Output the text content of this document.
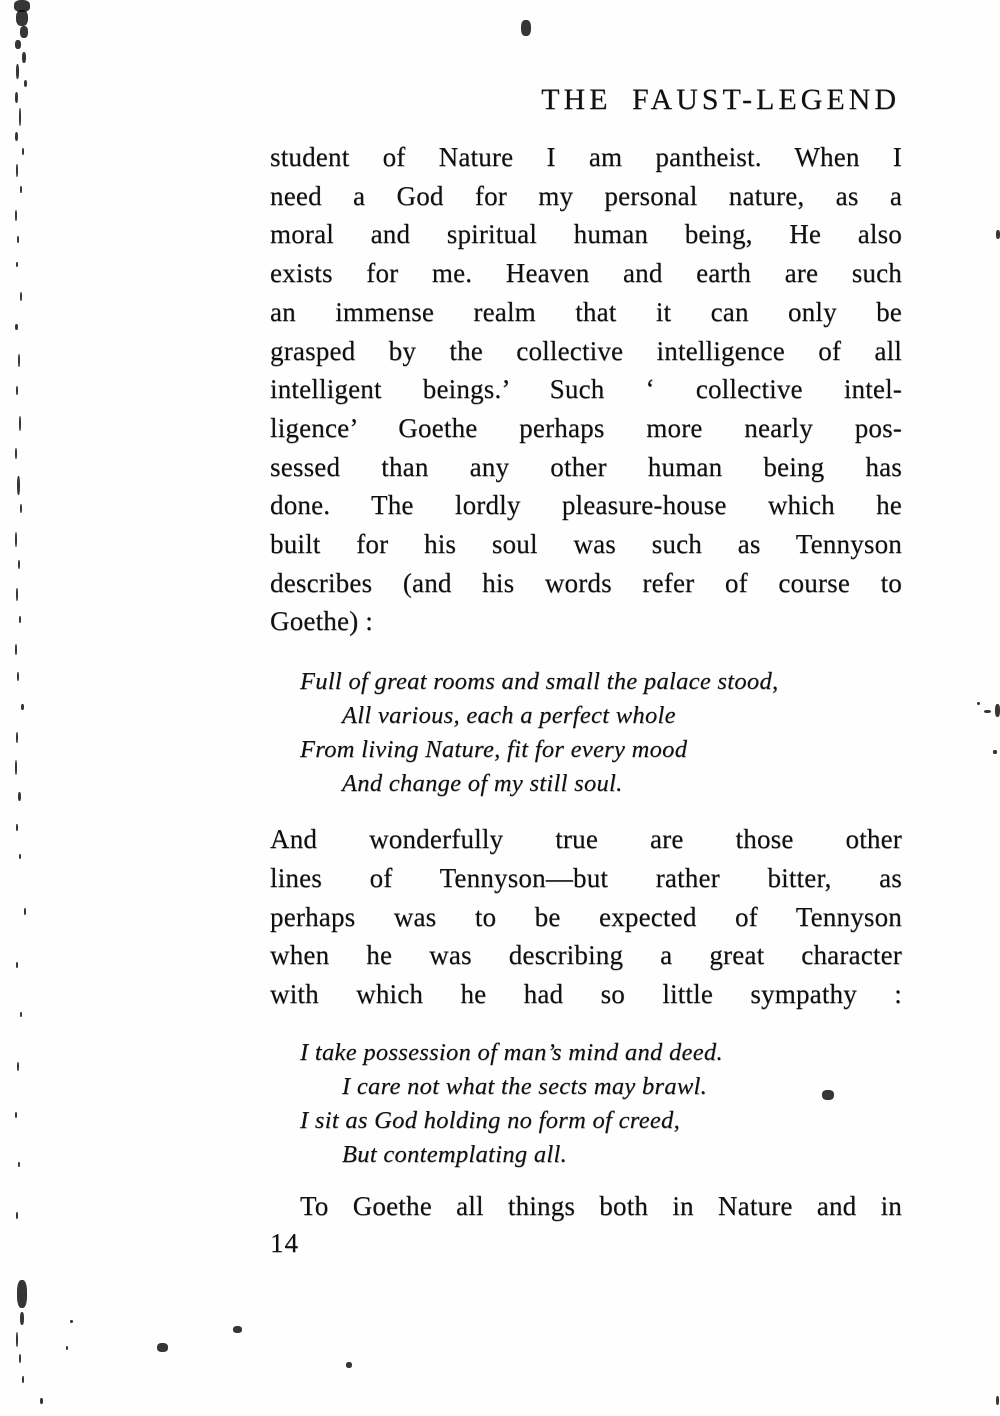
THE FAUST-LEGEND
student of Nature I am pantheist. When I
need a God for my personal nature, as a
moral and spiritual human being, He also
exists for me. Heaven and earth are such
an immense realm that it can only be
grasped by the collective intelligence of all
intelligent beings.’ Such ‘ collective intel-
ligence’ Goethe perhaps more nearly pos-
sessed than any other human being has
done. The lordly pleasure-house which he
built for his soul was such as Tennyson
describes (and his words refer of course to
Goethe) :
Full of great rooms and small the palace stood,
All various, each a perfect whole
From living Nature, fit for every mood
And change of my still soul.
And wonderfully true are those other
lines of Tennyson—but rather bitter, as
perhaps was to be expected of Tennyson
when he was describing a great character
with which he had so little sympathy :
I take possession of man’s mind and deed.
I care not what the sects may brawl.
I sit as God holding no form of creed,
But contemplating all.
To Goethe all things both in Nature and in
14
